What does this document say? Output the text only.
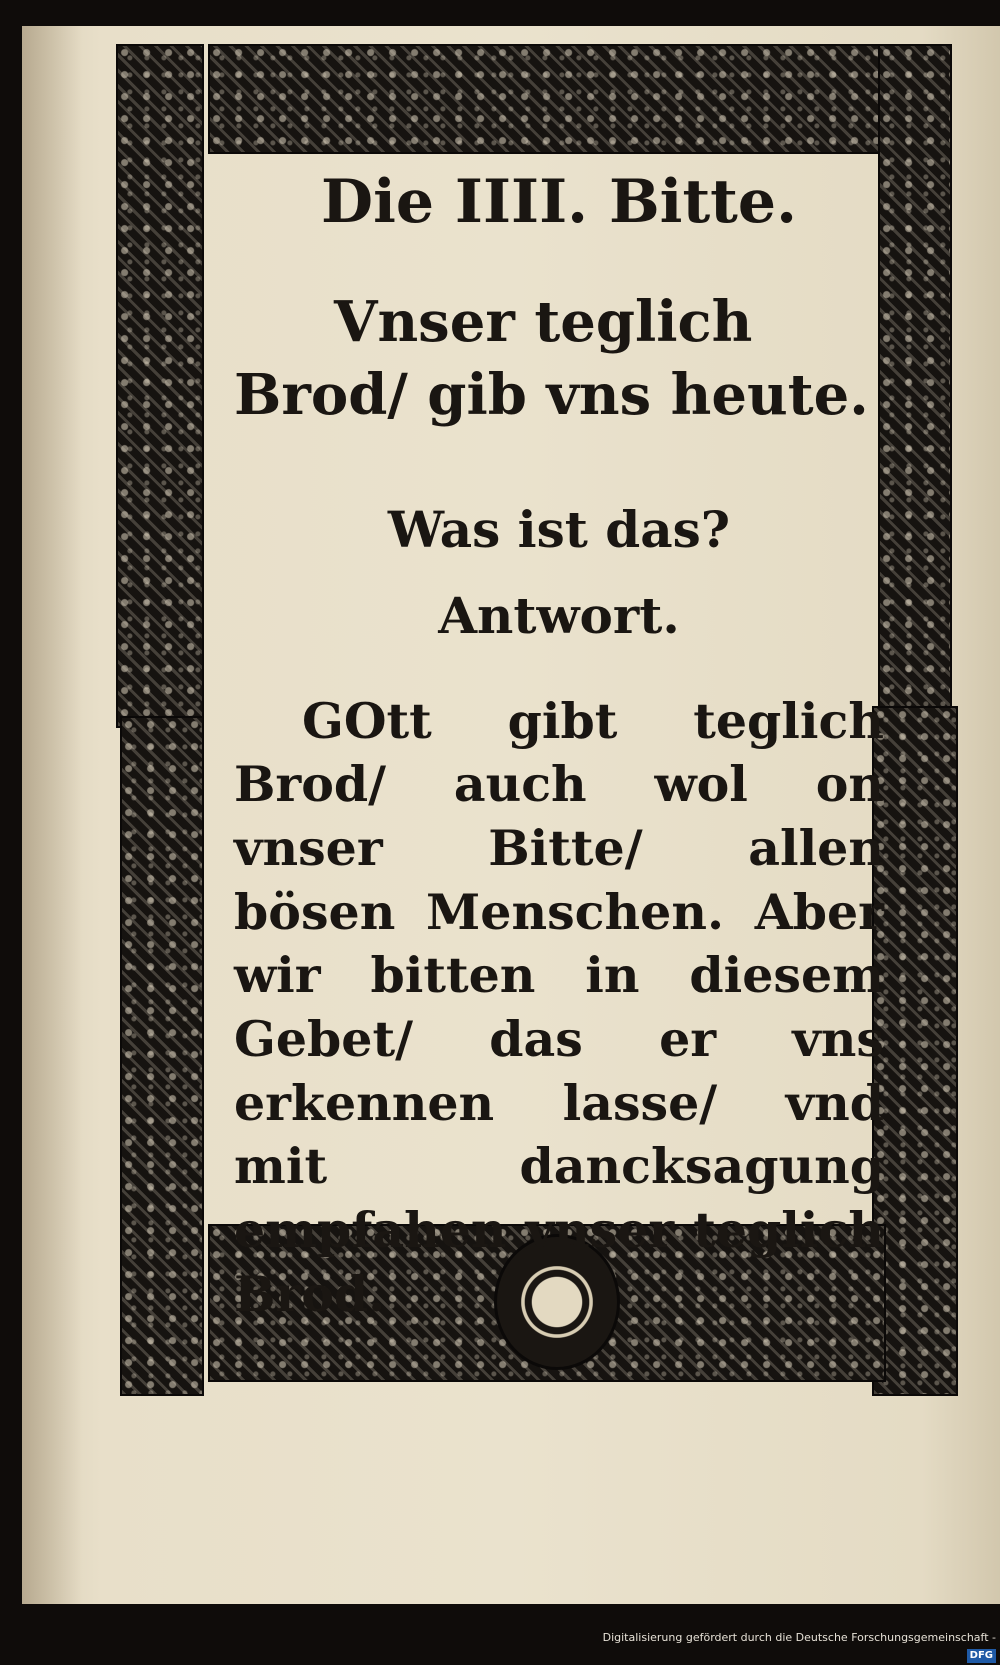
Die IIII. Bitte.

Vnser teglich Brod/ gib vns heute.

Was ist das?

Antwort.

GOtt gibt teglich Brod/ auch wol on vnser Bitte/ allen bösen Menschen. Aber wir bitten in diesem Gebet/ das er vns erkennen lasse/ vnd mit dancksagung empfahen vnser teglich Brod.

Digitalisierung gefördert durch die Deutsche Forschungsgemeinschaft -DFG
